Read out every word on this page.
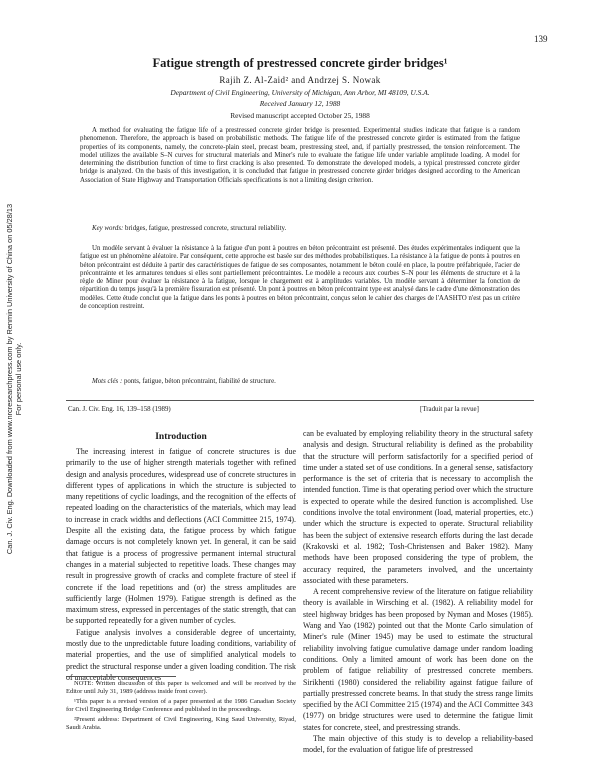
139
Can. J. Civ. Eng. Downloaded from www.nrcresearchpress.com by Renmin University of China on 05/28/13 For personal use only.
Fatigue strength of prestressed concrete girder bridges¹
Rajih Z. Al-Zaid² and Andrzej S. Nowak
Department of Civil Engineering, University of Michigan, Ann Arbor, MI 48109, U.S.A.
Received January 12, 1988
Revised manuscript accepted October 25, 1988

A method for evaluating the fatigue life of a prestressed concrete girder bridge is presented. Experimental studies indicate that fatigue is a random phenomenon. Therefore, the approach is based on probabilistic methods. The fatigue life of the prestressed concrete girder is estimated from the fatigue properties of its components, namely, the concrete-plain steel, precast beam, prestressing steel, and, if partially prestressed, the tension reinforcement. The model utilizes the available S–N curves for structural materials and Miner's rule to evaluate the fatigue life under variable amplitude loading. A model for determining the distribution function of time to first cracking is also presented. To demonstrate the developed models, a typical prestressed concrete girder bridge is analyzed. On the basis of this investigation, it is concluded that fatigue in prestressed concrete girder bridges designed according to the American Association of State Highway and Transportation Officials specifications is not a limiting design criterion.

Key words: bridges, fatigue, prestressed concrete, structural reliability.

Un modèle servant à évaluer la résistance à la fatigue d'un pont à poutres en béton précontraint est présenté. Des études expérimentales indiquent que la fatigue est un phénomène aléatoire. Par conséquent, cette approche est basée sur des méthodes probabilistiques. La résistance à la fatigue de ponts à poutres en béton précontraint est déduite à partir des caractéristiques de fatigue de ses composantes, notamment le béton coulé en place, la poutre préfabriquée, l'acier de précontrainte et les armatures tendues si elles sont partiellement précontraintes. Le modèle a recours aux courbes S–N pour les éléments de structure et à la règle de Miner pour évaluer la résistance à la fatigue, lorsque le chargement est à amplitudes variables. Un modèle servant à déterminer la fonction de répartition du temps jusqu'à la première fissuration est présenté. Un pont à poutres en béton précontraint type est analysé dans le cadre d'une démonstration des modèles. Cette étude conclut que la fatigue dans les ponts à poutres en béton précontraint, conçus selon le cahier des charges de l'AASHTO n'est pas un critère de conception restreint.

Mots clés : ponts, fatigue, béton précontraint, fiabilité de structure.
[Traduit par la revue]
Can. J. Civ. Eng. 16, 139–158 (1989)
Introduction

The increasing interest in fatigue of concrete structures is due primarily to the use of higher strength materials together with refined design and analysis procedures, widespread use of concrete structures in different types of applications in which the structure is subjected to many repetitions of cyclic loadings, and the recognition of the effects of repeated loading on the characteristics of the materials, which may lead to increase in crack widths and deflections (ACI Committee 215, 1974). Despite all the existing data, the fatigue process by which fatigue damage occurs is not completely known yet. In general, it can be said that fatigue is a process of progressive permanent internal structural changes in a material subjected to repetitive loads. These changes may result in progressive growth of cracks and complete fracture of steel if concrete if the load repetitions and (or) the stress amplitudes are sufficiently large (Holmen 1979). Fatigue strength is defined as the maximum stress, expressed in percentages of the static strength, that can be supported repeatedly for a given number of cycles.

Fatigue analysis involves a considerable degree of uncertainty, mostly due to the unpredictable future loading conditions, variability of material properties, and the use of simplified analytical models to predict the structural response under a given loading condition. The risk of unacceptable consequences

NOTE: Written discussion of this paper is welcomed and will be received by the Editor until July 31, 1989 (address inside front cover).

¹This paper is a revised version of a paper presented at the 1986 Canadian Society for Civil Engineering Bridge Conference and published in the proceedings.

²Present address: Department of Civil Engineering, King Saud University, Riyad, Saudi Arabia.

can be evaluated by employing reliability theory in the structural safety analysis and design. Structural reliability is defined as the probability that the structure will perform satisfactorily for a specified period of time under a stated set of use conditions. In a general sense, satisfactory performance is the set of criteria that is necessary to accomplish the intended function. Time is that operating period over which the structure is expected to operate while the desired function is accomplished. Use conditions involve the total environment (load, material properties, etc.) under which the structure is expected to operate. Structural reliability has been the subject of extensive research efforts during the last decade (Krakovski et al. 1982; Tosh-Christensen and Baker 1982). Many methods have been proposed considering the type of problem, the accuracy required, the parameters involved, and the uncertainty associated with these parameters.

A recent comprehensive review of the literature on fatigue reliability theory is available in Wirsching et al. (1982). A reliability model for steel highway bridges has been proposed by Nyman and Moses (1985). Wang and Yao (1982) pointed out that the Monte Carlo simulation of Miner's rule (Miner 1945) may be used to estimate the structural reliability involving fatigue cumulative damage under random loading conditions. Only a limited amount of work has been done on the problem of fatigue reliability of prestressed concrete members. Sirikhenti (1980) considered the reliability against fatigue failure of partially prestressed concrete beams. In that study the stress range limits specified by the ACI Committee 215 (1974) and the ACI Committee 343 (1977) on bridge structures were used to determine the fatigue limit states for concrete, steel, and prestressing strands.

The main objective of this study is to develop a reliability-based model, for the evaluation of fatigue life of prestressed
